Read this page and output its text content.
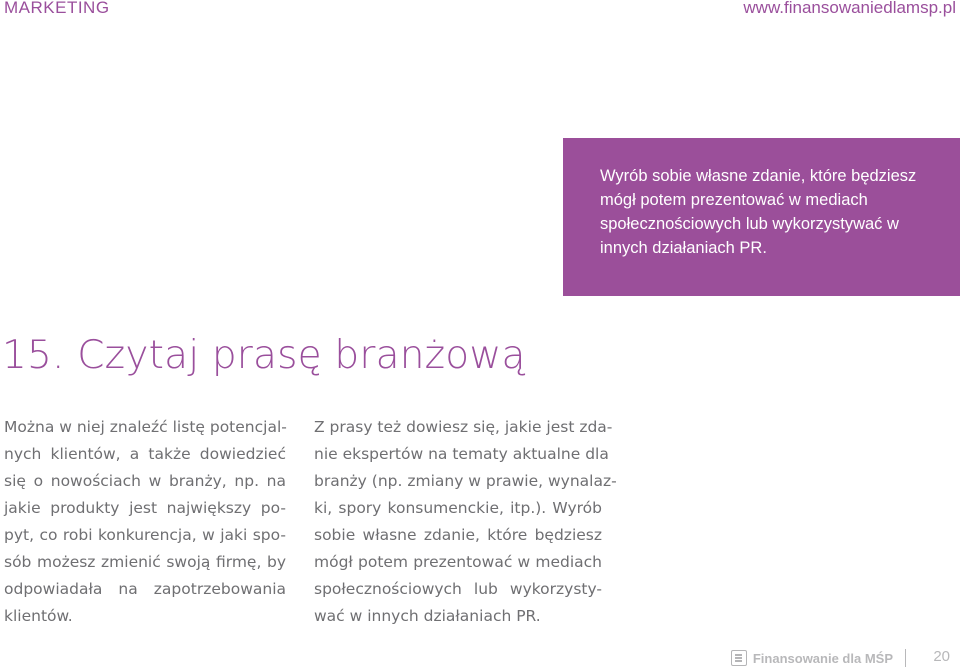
MARKETING	www.finansowaniedlamsp.pl
Wyrób sobie własne zdanie, które będziesz mógł potem prezentować w mediach społecznościowych lub wykorzystywać w innych działaniach PR.
15. Czytaj prasę branżową
Można w niej znaleźć listę potencjal-
nych klientów, a także dowiedzieć
się o nowościach w branży, np. na
jakie produkty jest największy po-
pyt, co robi konkurencja, w jaki spo-
sób możesz zmienić swoją firmę, by
odpowiadała na zapotrzebowania
klientów.
Z prasy też dowiesz się, jakie jest zda-
nie ekspertów na tematy aktualne dla
branży (np. zmiany w prawie, wynalaz-
ki, spory konsumenckie, itp.). Wyrób
sobie własne zdanie, które będziesz
mógł potem prezentować w mediach
społecznościowych lub wykorzysty-
wać w innych działaniach PR.
Finansowanie dla MŚP	20
